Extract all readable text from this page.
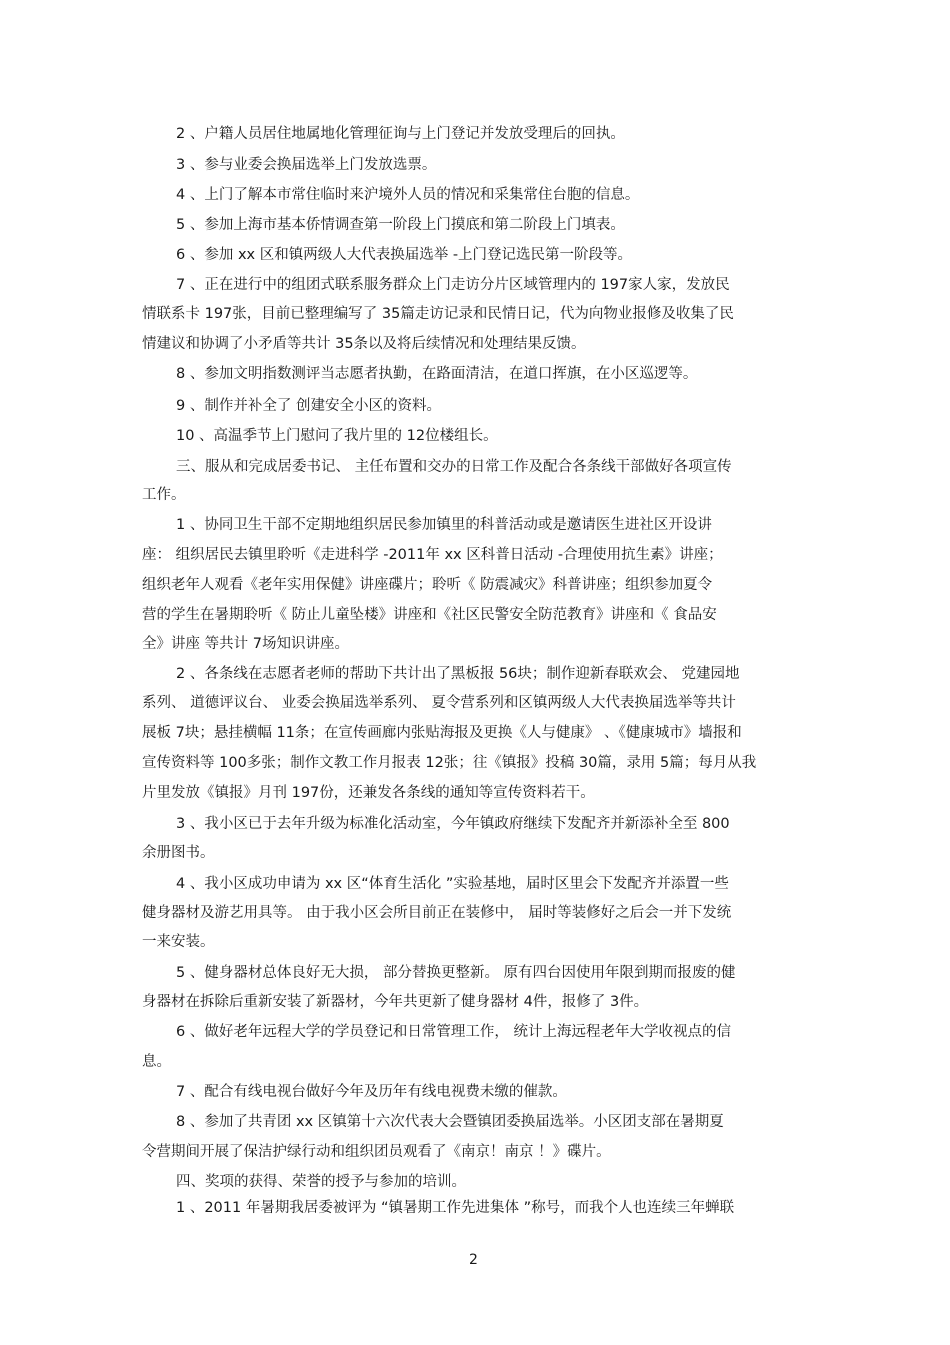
2 、户籍人员居住地属地化管理征询与上门登记并发放受理后的回执。
3 、参与业委会换届选举上门发放选票。
4 、上门了解本市常住临时来沪境外人员的情况和采集常住台胞的信息。
5 、参加上海市基本侨情调查第一阶段上门摸底和第二阶段上门填表。
6 、参加 xx 区和镇两级人大代表换届选举 -上门登记选民第一阶段等。
7 、正在进行中的组团式联系服务群众上门走访分片区域管理内的 197家人家，发放民
情联系卡 197张，目前已整理编写了 35篇走访记录和民情日记，代为向物业报修及收集了民
情建议和协调了小矛盾等共计 35条以及将后续情况和处理结果反馈。
8 、参加文明指数测评当志愿者执勤，在路面清洁，在道口挥旗，在小区巡逻等。
9 、制作并补全了 创建安全小区的资料。
10 、高温季节上门慰问了我片里的 12位楼组长。
三、服从和完成居委书记、 主任布置和交办的日常工作及配合各条线干部做好各项宣传
工作。
1 、协同卫生干部不定期地组织居民参加镇里的科普活动或是邀请医生进社区开设讲
座： 组织居民去镇里聆听《走进科学 -2011年 xx 区科普日活动 -合理使用抗生素》讲座；
组织老年人观看《老年实用保健》讲座碟片；聆听《 防震减灾》科普讲座；组织参加夏令
营的学生在暑期聆听《 防止儿童坠楼》讲座和《社区民警安全防范教育》讲座和《 食品安
全》讲座 等共计 7场知识讲座。
2 、各条线在志愿者老师的帮助下共计出了黑板报 56块；制作迎新春联欢会、 党建园地
系列、 道德评议台、 业委会换届选举系列、 夏令营系列和区镇两级人大代表换届选举等共计
展板 7块；悬挂横幅 11条；在宣传画廊内张贴海报及更换《人与健康》 、《健康城市》墙报和
宣传资料等 100多张；制作文教工作月报表 12张；往《镇报》投稿 30篇，录用 5篇；每月从我
片里发放《镇报》月刊 197份，还兼发各条线的通知等宣传资料若干。
3 、我小区已于去年升级为标准化活动室，今年镇政府继续下发配齐并新添补全至 800
余册图书。
4 、我小区成功申请为 xx 区“体育生活化 ”实验基地，届时区里会下发配齐并添置一些
健身器材及游艺用具等。 由于我小区会所目前正在装修中， 届时等装修好之后会一并下发统
一来安装。
5 、健身器材总体良好无大损， 部分替换更整新。 原有四台因使用年限到期而报废的健
身器材在拆除后重新安装了新器材，今年共更新了健身器材 4件，报修了 3件。
6 、做好老年远程大学的学员登记和日常管理工作， 统计上海远程老年大学收视点的信
息。
7 、配合有线电视台做好今年及历年有线电视费未缴的催款。
8 、参加了共青团 xx 区镇第十六次代表大会暨镇团委换届选举。小区团支部在暑期夏
令营期间开展了保洁护绿行动和组织团员观看了《南京！南京 ！》碟片。
四、奖项的获得、荣誉的授予与参加的培训。
1 、2011 年暑期我居委被评为 “镇暑期工作先进集体 ”称号，而我个人也连续三年蝉联
2
